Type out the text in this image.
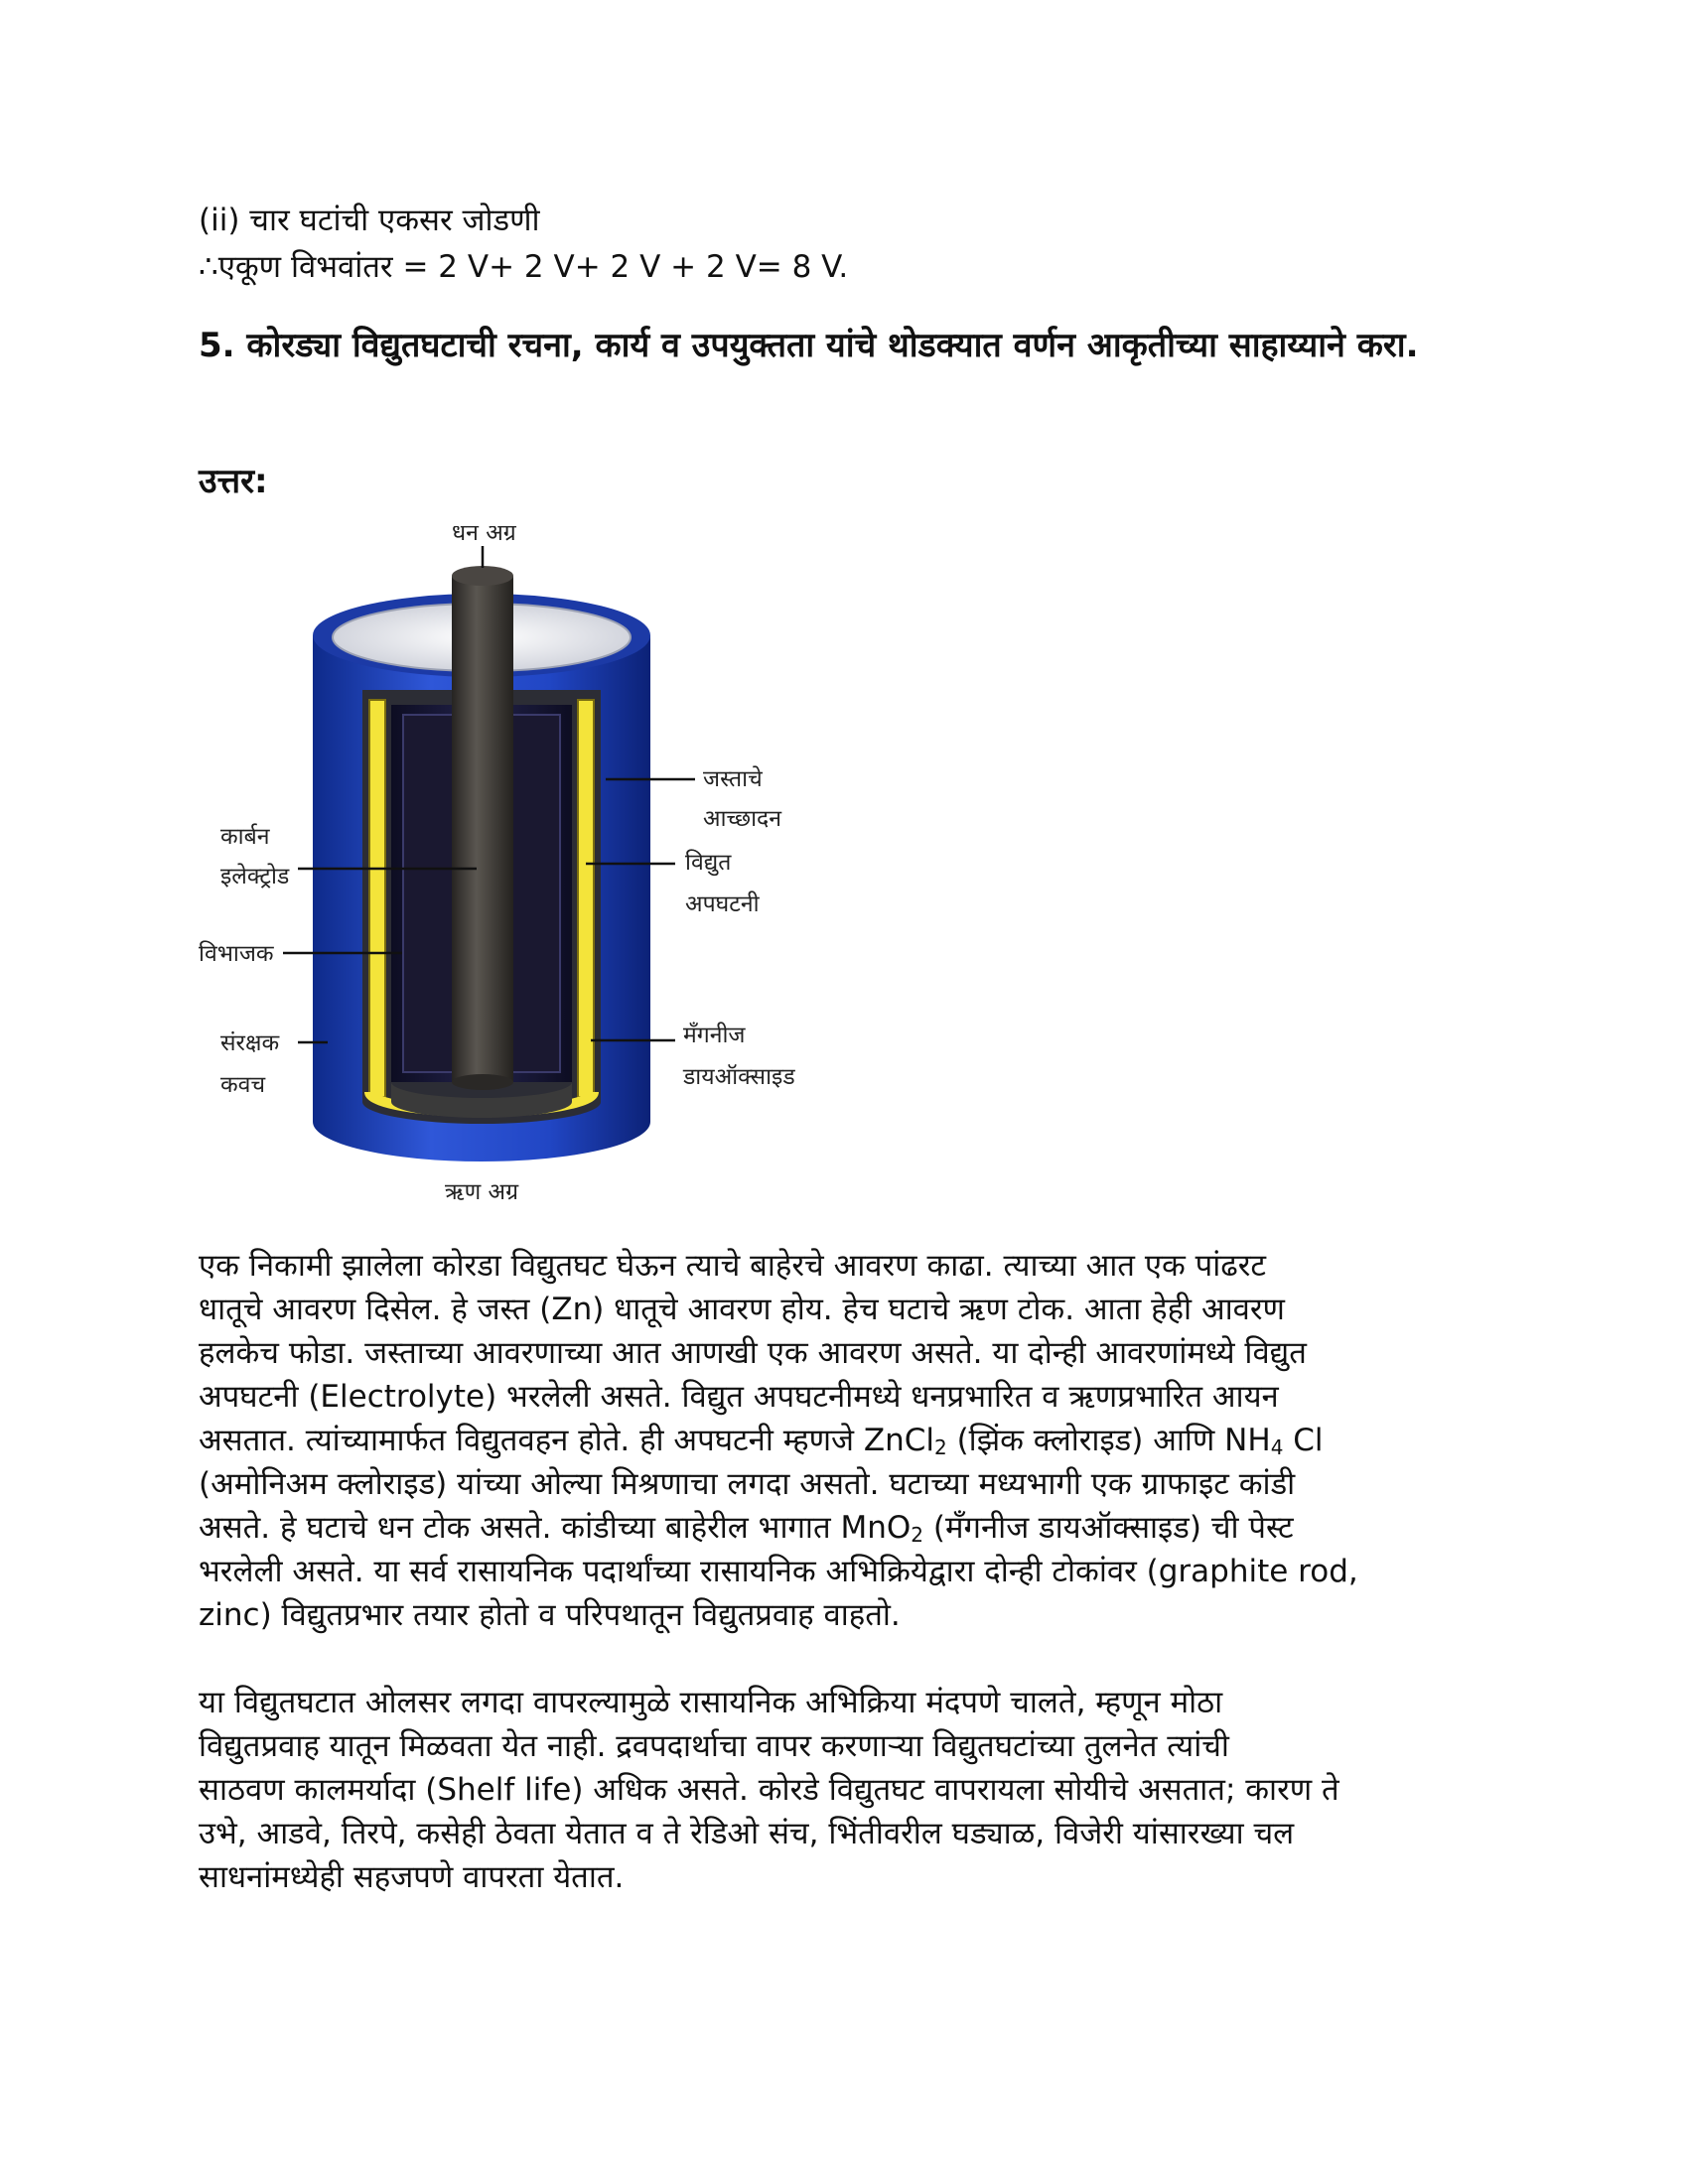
(ii) चार घटांची एकसर जोडणी
∴एकूण विभवांतर = 2 V+ 2 V+ 2 V + 2 V= 8 V.
5. कोरड्या विद्युतघटाची रचना, कार्य व उपयुक्तता यांचे थोडक्यात वर्णन आकृतीच्या साहाय्याने करा.
उत्तर:
धन अग्र
जस्ताचे
आच्छादन
कार्बन
इलेक्ट्रोड
विद्युत
अपघटनी
विभाजक
संरक्षक
कवच
मँगनीज
डायऑक्साइड
ऋण अग्र
एक निकामी झालेला कोरडा विद्युतघट घेऊन त्याचे बाहेरचे आवरण काढा. त्याच्या आत एक पांढरट
धातूचे आवरण दिसेल. हे जस्त (Zn) धातूचे आवरण होय. हेच घटाचे ऋण टोक. आता हेही आवरण
हलकेच फोडा. जस्ताच्या आवरणाच्या आत आणखी एक आवरण असते. या दोन्ही आवरणांमध्ये विद्युत
अपघटनी (Electrolyte) भरलेली असते. विद्युत अपघटनीमध्ये धनप्रभारित व ऋणप्रभारित आयन
असतात. त्यांच्यामार्फत विद्युतवहन होते. ही अपघटनी म्हणजे ZnCl$_2$ (झिंक क्लोराइड) आणि $NH_4$ Cl
(अमोनिअम क्लोराइड) यांच्या ओल्या मिश्रणाचा लगदा असतो. घटाच्या मध्यभागी एक ग्राफाइट कांडी
असते. हे घटाचे धन टोक असते. कांडीच्या बाहेरील भागात MnO$_2$ (मँगनीज डायऑक्साइड) ची पेस्ट
भरलेली असते. या सर्व रासायनिक पदार्थांच्या रासायनिक अभिक्रियेद्वारा दोन्ही टोकांवर (graphite rod,
zinc) विद्युतप्रभार तयार होतो व परिपथातून विद्युतप्रवाह वाहतो.
या विद्युतघटात ओलसर लगदा वापरल्यामुळे रासायनिक अभिक्रिया मंदपणे चालते, म्हणून मोठा
विद्युतप्रवाह यातून मिळवता येत नाही. द्रवपदार्थाचा वापर करणाऱ्या विद्युतघटांच्या तुलनेत त्यांची
साठवण कालमर्यादा (Shelf life) अधिक असते. कोरडे विद्युतघट वापरायला सोयीचे असतात; कारण ते
उभे, आडवे, तिरपे, कसेही ठेवता येतात व ते रेडिओ संच, भिंतीवरील घड्याळ, विजेरी यांसारख्या चल
साधनांमध्येही सहजपणे वापरता येतात.
